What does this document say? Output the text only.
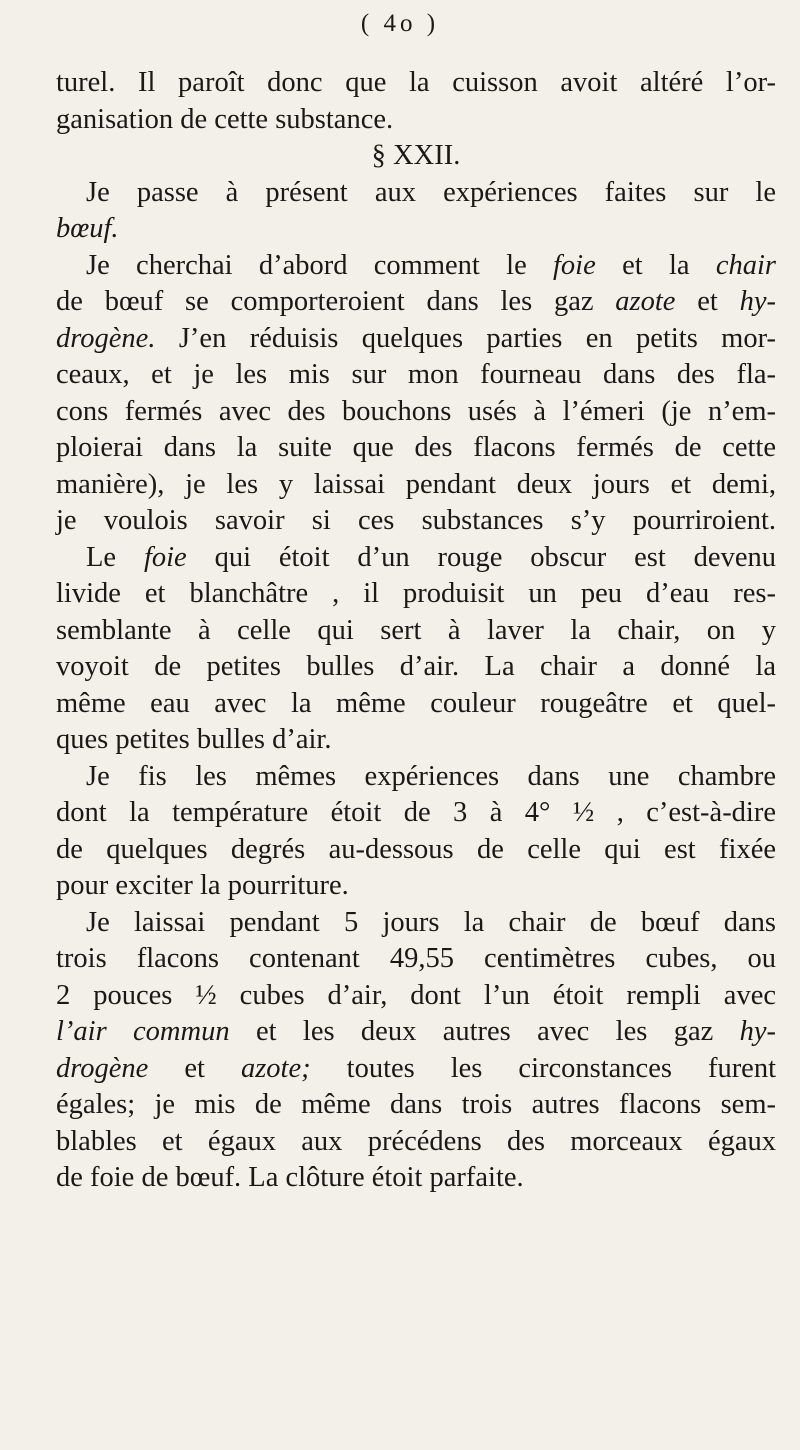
( 4o )
turel. Il paroît donc que la cuisson avoit altéré l’or-
ganisation de cette substance.
§ XXII.
Je passe à présent aux expériences faites sur le
bœuf.
Je cherchai d’abord comment le foie et la chair
de bœuf se comporteroient dans les gaz azote et hy-
drogène. J’en réduisis quelques parties en petits mor-
ceaux, et je les mis sur mon fourneau dans des fla-
cons fermés avec des bouchons usés à l’émeri (je n’em-
ploierai dans la suite que des flacons fermés de cette
manière), je les y laissai pendant deux jours et demi,
je voulois savoir si ces substances s’y pourriroient.
Le foie qui étoit d’un rouge obscur est devenu
livide et blanchâtre , il produisit un peu d’eau res-
semblante à celle qui sert à laver la chair, on y
voyoit de petites bulles d’air. La chair a donné la
même eau avec la même couleur rougeâtre et quel-
ques petites bulles d’air.
Je fis les mêmes expériences dans une chambre
dont la température étoit de 3 à 4° ½ , c’est-à-dire
de quelques degrés au-dessous de celle qui est fixée
pour exciter la pourriture.
Je laissai pendant 5 jours la chair de bœuf dans
trois flacons contenant 49,55 centimètres cubes, ou
2 pouces ½ cubes d’air, dont l’un étoit rempli avec
l’air commun et les deux autres avec les gaz hy-
drogène et azote; toutes les circonstances furent
égales; je mis de même dans trois autres flacons sem-
blables et égaux aux précédens des morceaux égaux
de foie de bœuf. La clôture étoit parfaite.
